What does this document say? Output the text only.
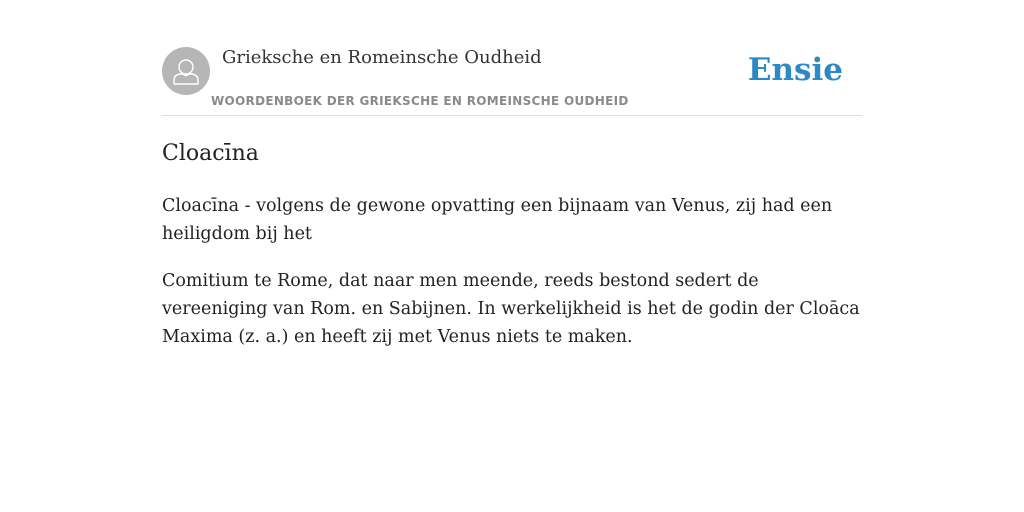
Grieksche en Romeinsche Oudheid
WOORDENBOEK DER GRIEKSCHE EN ROMEINSCHE OUDHEID
Ensie
Cloacīna

Cloacīna - volgens de gewone opvatting een bijnaam van Venus, zij had een heiligdom bij het

Comitium te Rome, dat naar men meende, reeds bestond sedert de vereeniging van Rom. en Sabijnen. In werkelijkheid is het de godin der Cloāca Maxima (z. a.) en heeft zij met Venus niets te maken.
